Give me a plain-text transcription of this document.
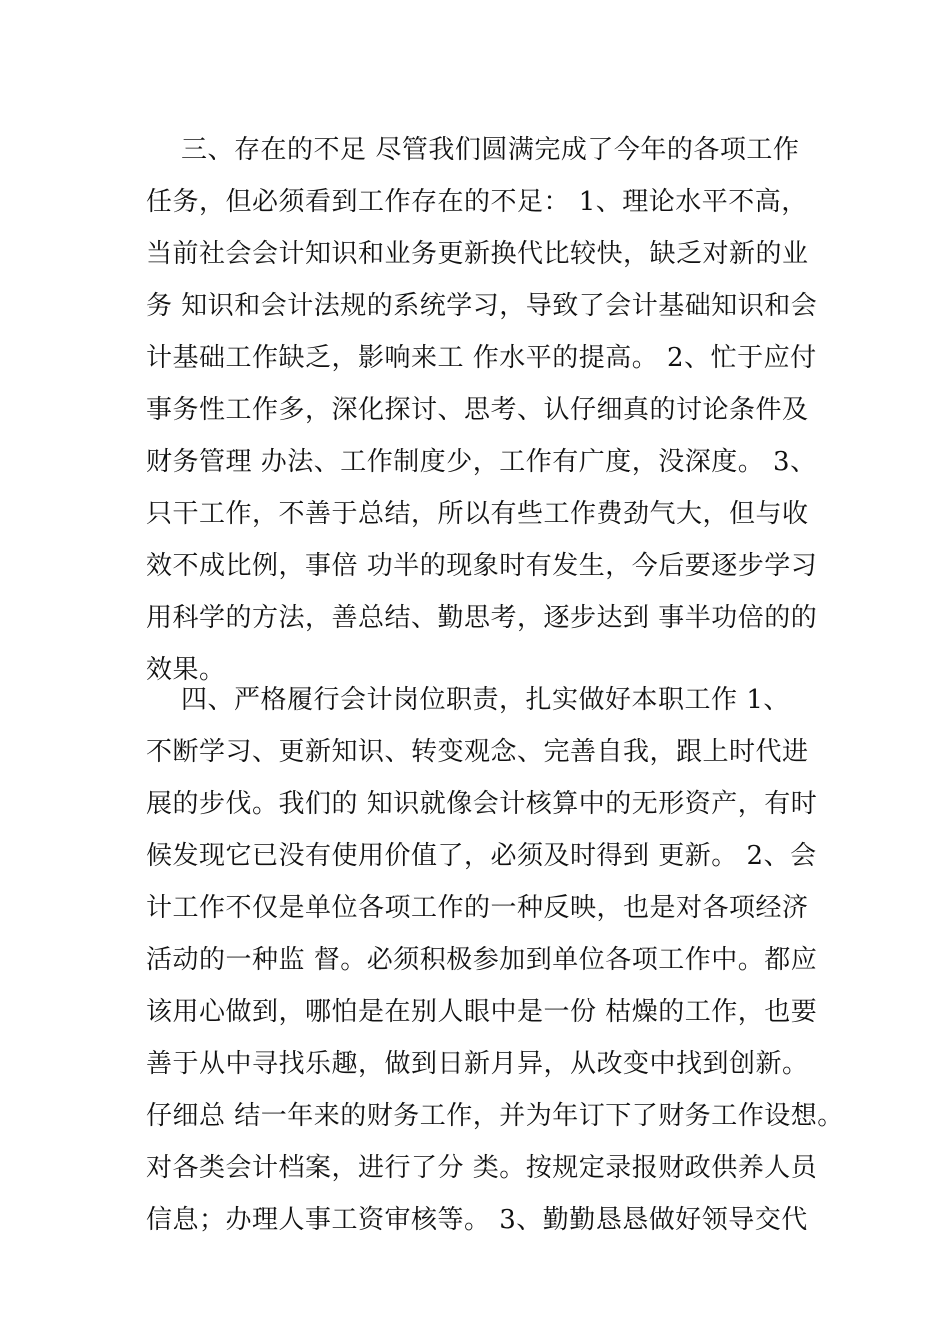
三、存在的不足 尽管我们圆满完成了今年的各项工作
任务，但必须看到工作存在的不足： 1、理论水平不高，
当前社会会计知识和业务更新换代比较快，缺乏对新的业
务 知识和会计法规的系统学习，导致了会计基础知识和会
计基础工作缺乏，影响来工 作水平的提高。 2、忙于应付
事务性工作多，深化探讨、思考、认仔细真的讨论条件及
财务管理 办法、工作制度少，工作有广度，没深度。 3、
只干工作，不善于总结，所以有些工作费劲气大，但与收
效不成比例，事倍 功半的现象时有发生，今后要逐步学习
用科学的方法，善总结、勤思考，逐步达到 事半功倍的的
效果。
四、严格履行会计岗位职责，扎实做好本职工作 1、
不断学习、更新知识、转变观念、完善自我，跟上时代进
展的步伐。我们的 知识就像会计核算中的无形资产，有时
候发现它已没有使用价值了，必须及时得到 更新。 2、会
计工作不仅是单位各项工作的一种反映，也是对各项经济
活动的一种监 督。必须积极参加到单位各项工作中。都应
该用心做到，哪怕是在别人眼中是一份 枯燥的工作，也要
善于从中寻找乐趣，做到日新月异，从改变中找到创新。
仔细总 结一年来的财务工作，并为年订下了财务工作设想。
对各类会计档案，进行了分 类。按规定录报财政供养人员
信息；办理人事工资审核等。 3、勤勤恳恳做好领导交代
